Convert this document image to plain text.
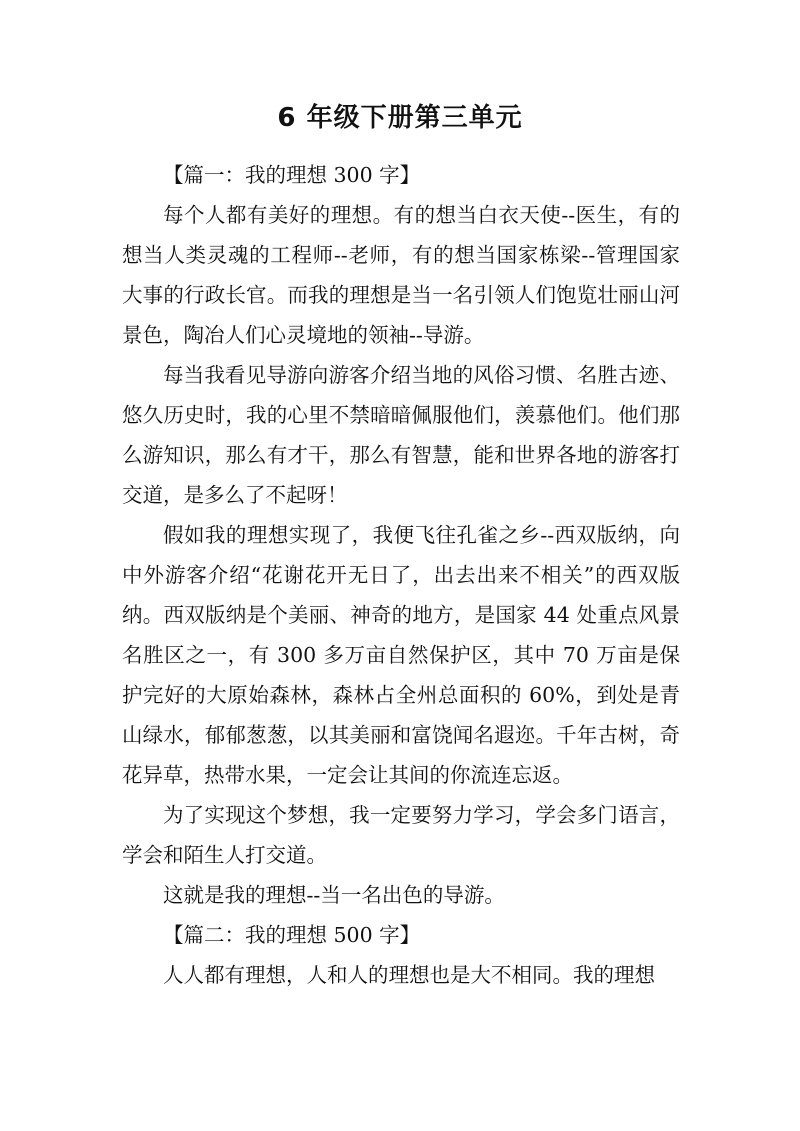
6 年级下册第三单元

【篇一：我的理想 300 字】

每个人都有美好的理想。有的想当白衣天使--医生，有的想当人类灵魂的工程师--老师，有的想当国家栋梁--管理国家大事的行政长官。而我的理想是当一名引领人们饱览壮丽山河景色，陶冶人们心灵境地的领袖--导游。

每当我看见导游向游客介绍当地的风俗习惯、名胜古迹、悠久历史时，我的心里不禁暗暗佩服他们，羡慕他们。他们那么游知识，那么有才干，那么有智慧，能和世界各地的游客打交道，是多么了不起呀！

假如我的理想实现了，我便飞往孔雀之乡--西双版纳，向中外游客介绍“花谢花开无日了，出去出来不相关”的西双版纳。西双版纳是个美丽、神奇的地方，是国家 44 处重点风景名胜区之一，有 300 多万亩自然保护区，其中 70 万亩是保护完好的大原始森林，森林占全州总面积的 60%，到处是青山绿水，郁郁葱葱，以其美丽和富饶闻名遐迩。千年古树，奇花异草，热带水果，一定会让其间的你流连忘返。

为了实现这个梦想，我一定要努力学习，学会多门语言，学会和陌生人打交道。

这就是我的理想--当一名出色的导游。

【篇二：我的理想 500 字】

人人都有理想，人和人的理想也是大不相同。我的理想
